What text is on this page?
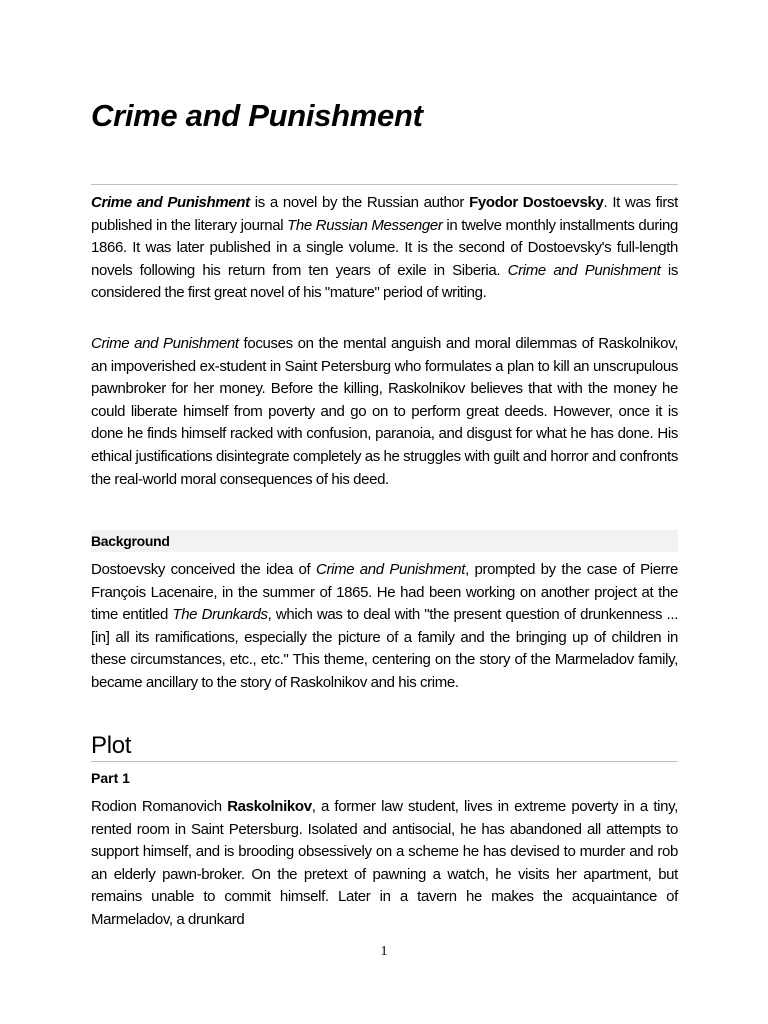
Crime and Punishment

Crime and Punishment is a novel by the Russian author Fyodor Dostoevsky. It was first published in the literary journal The Russian Messenger in twelve monthly installments during 1866. It was later published in a single volume. It is the second of Dostoevsky's full-length novels following his return from ten years of exile in Siberia. Crime and Punishment is considered the first great novel of his "mature" period of writing.

Crime and Punishment focuses on the mental anguish and moral dilemmas of Raskolnikov, an impoverished ex-student in Saint Petersburg who formulates a plan to kill an unscrupulous pawnbroker for her money. Before the killing, Raskolnikov believes that with the money he could liberate himself from poverty and go on to perform great deeds. However, once it is done he finds himself racked with confusion, paranoia, and disgust for what he has done. His ethical justifications disintegrate completely as he struggles with guilt and horror and confronts the real-world moral consequences of his deed.

Background

Dostoevsky conceived the idea of Crime and Punishment, prompted by the case of Pierre François Lacenaire, in the summer of 1865. He had been working on another project at the time entitled The Drunkards, which was to deal with "the present question of drunkenness ... [in] all its ramifications, especially the picture of a family and the bringing up of children in these circumstances, etc., etc." This theme, centering on the story of the Marmeladov family, became ancillary to the story of Raskolnikov and his crime.

Plot
Part 1

Rodion Romanovich Raskolnikov, a former law student, lives in extreme poverty in a tiny, rented room in Saint Petersburg. Isolated and antisocial, he has abandoned all attempts to support himself, and is brooding obsessively on a scheme he has devised to murder and rob an elderly pawn-broker. On the pretext of pawning a watch, he visits her apartment, but remains unable to commit himself. Later in a tavern he makes the acquaintance of Marmeladov, a drunkard

1
